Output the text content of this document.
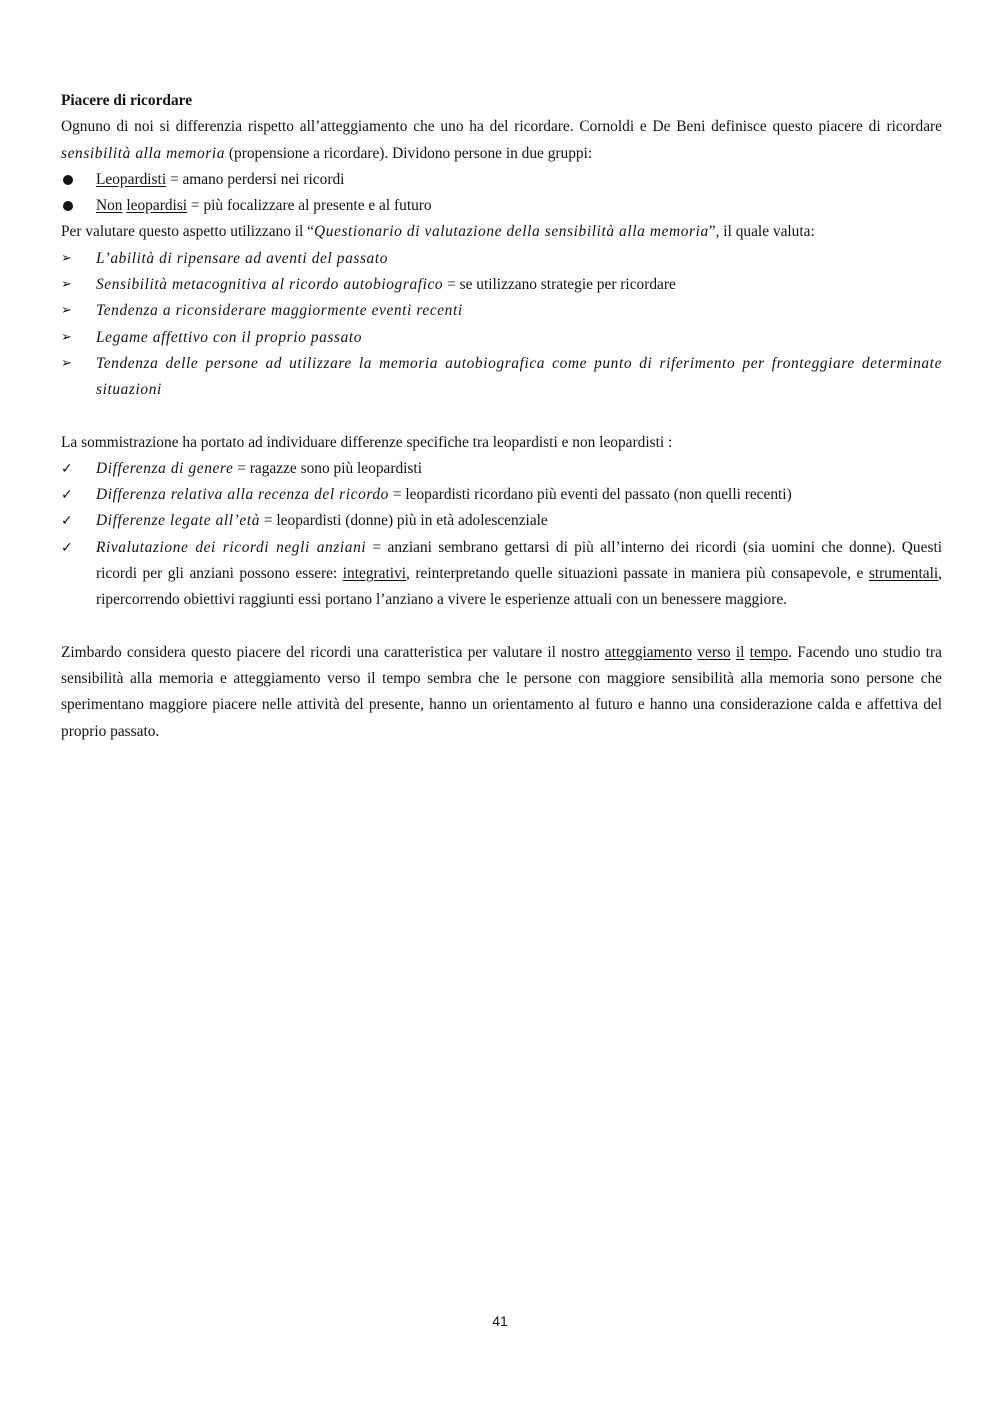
Piacere di ricordare
Ognuno di noi si differenzia rispetto all’atteggiamento che uno ha del ricordare. Cornoldi e De Beni definisce questo piacere di ricordare sensibilità alla memoria (propensione a ricordare). Dividono persone in due gruppi:
Leopardisti = amano perdersi nei ricordi
Non leopardisi = più focalizzare al presente e al futuro
Per valutare questo aspetto utilizzano il “Questionario di valutazione della sensibilità alla memoria”, il quale valuta:
➢	L’abilità di ripensare ad aventi del passato
➢	Sensibilità metacognitiva al ricordo autobiografico = se utilizzano strategie per ricordare
➢	Tendenza a riconsiderare maggiormente eventi recenti
➢	Legame affettivo con il proprio passato
➢	Tendenza delle persone ad utilizzare la memoria autobiografica come punto di riferimento per fronteggiare determinate situazioni
La sommistrazione ha portato ad individuare differenze specifiche tra leopardisti e non leopardisti :
✓	Differenza di genere = ragazze sono più leopardisti
✓	Differenza relativa alla recenza del ricordo = leopardisti ricordano più eventi del passato (non quelli recenti)
✓	Differenze legate all’età = leopardisti (donne) più in età adolescenziale
✓	Rivalutazione dei ricordi negli anziani = anziani sembrano gettarsi di più all’interno dei ricordi (sia uomini che donne). Questi ricordi per gli anziani possono essere: integrativi, reinterpretando quelle situazioni passate in maniera più consapevole, e strumentali, ripercorrendo obiettivi raggiunti essi portano l’anziano a vivere le esperienze attuali con un benessere maggiore.
Zimbardo considera questo piacere del ricordi una caratteristica per valutare il nostro atteggiamento verso il tempo. Facendo uno studio tra sensibilità alla memoria e atteggiamento verso il tempo sembra che le persone con maggiore sensibilità alla memoria sono persone che sperimentano maggiore piacere nelle attività del presente, hanno un orientamento al futuro e hanno una considerazione calda e affettiva del proprio passato.
41
